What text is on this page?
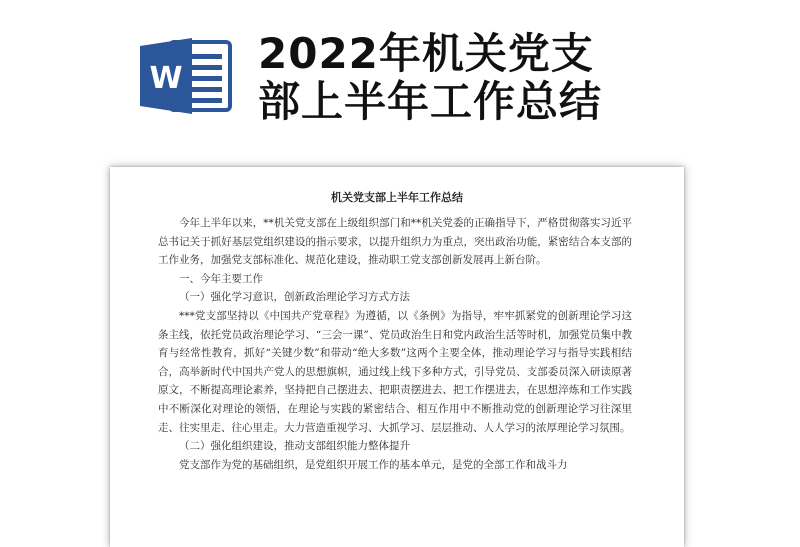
W
2022年机关党支
部上半年工作总结
机关党支部上半年工作总结

今年上半年以来，**机关党支部在上级组织部门和**机关党委的正确指导下，严格贯彻落实习近平总书记关于抓好基层党组织建设的指示要求，以提升组织力为重点，突出政治功能，紧密结合本支部的工作业务，加强党支部标准化、规范化建设，推动职工党支部创新发展再上新台阶。

一、今年主要工作

（一）强化学习意识，创新政治理论学习方式方法

***党支部坚持以《中国共产党章程》为遵循，以《条例》为指导，牢牢抓紧党的创新理论学习这条主线，依托党员政治理论学习、“三会一课”、党员政治生日和党内政治生活等时机，加强党员集中教育与经常性教育，抓好“关键少数”和带动“绝大多数”这两个主要全体，推动理论学习与指导实践相结合，高举新时代中国共产党人的思想旗帜，通过线上线下多种方式，引导党员、支部委员深入研读原著原文，不断提高理论素养，坚持把自己摆进去、把职责摆进去、把工作摆进去，在思想淬炼和工作实践中不断深化对理论的领悟，在理论与实践的紧密结合、相互作用中不断推动党的创新理论学习往深里走、往实里走、往心里走。大力营造重视学习、大抓学习、层层推动、人人学习的浓厚理论学习氛围。

（二）强化组织建设，推动支部组织能力整体提升

党支部作为党的基础组织，是党组织开展工作的基本单元，是党的全部工作和战斗力
